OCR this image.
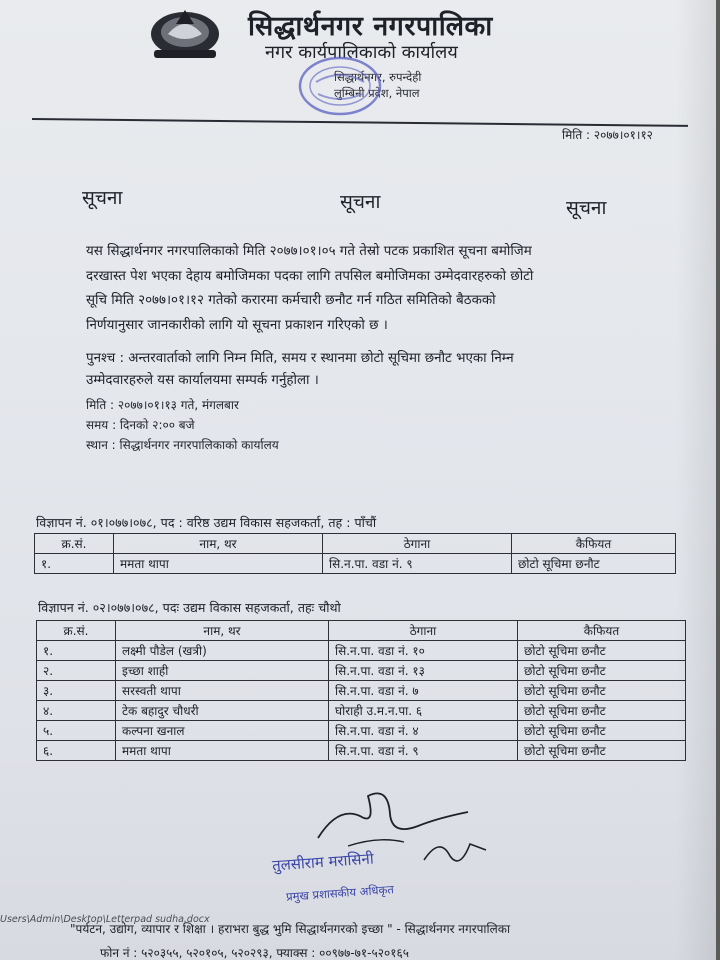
सिद्धार्थनगर नगरपालिका
नगर कार्यपालिकाको कार्यालय
सिद्धार्थनगर, रुपन्देही
लुम्बिनी प्रदेश, नेपाल
मिति : २०७७।०१।१२
सूचना	सूचना	सूचना
यस सिद्धार्थनगर नगरपालिकाको मिति २०७७।०१।०५ गते तेस्रो पटक प्रकाशित सूचना बमोजिम
दरखास्त पेश भएका देहाय बमोजिमका पदका लागि तपसिल बमोजिमका उम्मेदवारहरुको छोटो
सूचि मिति २०७७।०१।१२ गतेको करारमा कर्मचारी छनौट गर्न गठित समितिको बैठकको
निर्णयानुसार जानकारीको लागि यो सूचना प्रकाशन गरिएको छ ।
पुनश्च : अन्तरवार्ताको लागि निम्न मिति, समय र स्थानमा छोटो सूचिमा छनौट भएका निम्न
उम्मेदवारहरुले यस कार्यालयमा सम्पर्क गर्नुहोला ।
मिति : २०७७।०१।१३ गते, मंगलबार
समय : दिनको २:०० बजे
स्थान : सिद्धार्थनगर नगरपालिकाको कार्यालय
विज्ञापन नं. ०१।०७७।०७८, पद : वरिष्ठ उद्यम विकास सहजकर्ता, तह : पाँचौं
क्र.सं.	नाम, थर	ठेगाना	कैफियत
१.	ममता थापा	सि.न.पा. वडा नं. ९	छोटो सूचिमा छनौट
विज्ञापन नं. ०२।०७७।०७८, पदः उद्यम विकास सहजकर्ता, तहः चौथो
क्र.सं.	नाम, थर	ठेगाना	कैफियत
१.	लक्ष्मी पौडेल (खत्री)	सि.न.पा. वडा नं. १०	छोटो सूचिमा छनौट
२.	इच्छा शाही	सि.न.पा. वडा नं. १३	छोटो सूचिमा छनौट
३.	सरस्वती थापा	सि.न.पा. वडा नं. ७	छोटो सूचिमा छनौट
४.	टेक बहादुर चौधरी	घोराही उ.म.न.पा. ६	छोटो सूचिमा छनौट
५.	कल्पना खनाल	सि.न.पा. वडा नं. ४	छोटो सूचिमा छनौट
६.	ममता थापा	सि.न.पा. वडा नं. ९	छोटो सूचिमा छनौट
तुलसीराम मरासिनी
प्रमुख प्रशासकीय अधिकृत
Users\Admin\Desktop\Letterpad sudha.docx
"पर्यटन, उद्योग, व्यापार र शिक्षा । हराभरा बुद्ध भुमि सिद्धार्थनगरको इच्छा " - सिद्धार्थनगर नगरपालिका
फोन नं : ५२०३५५, ५२०१०५, ५२०२९३, फ्याक्स : ००९७७-७१-५२०१६५
